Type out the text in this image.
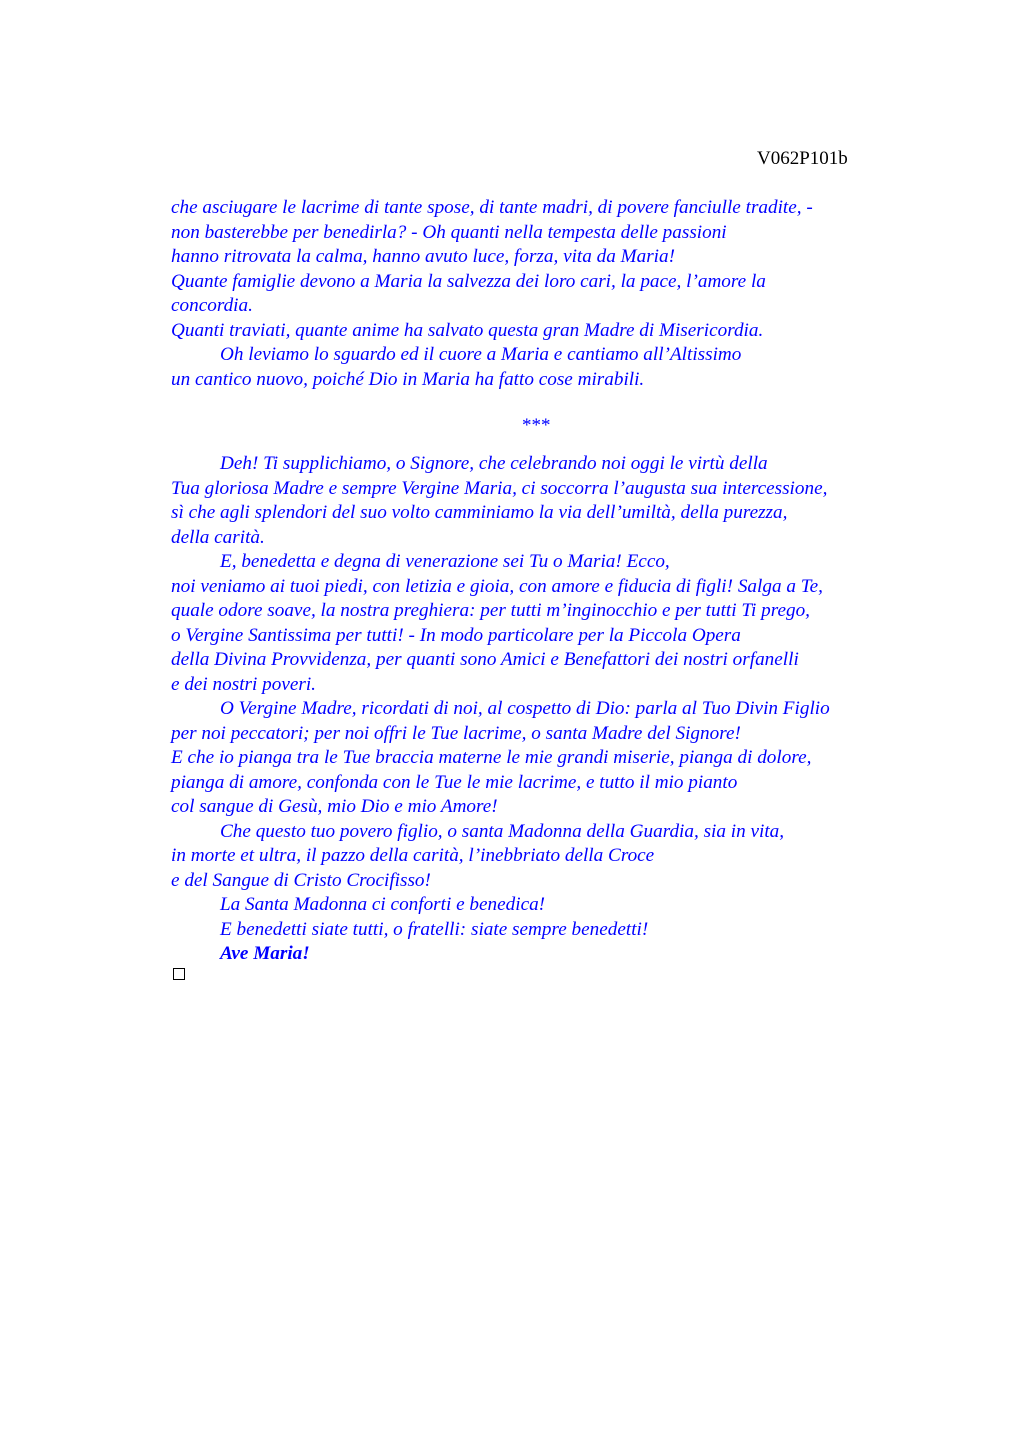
V062P101b
che asciugare le lacrime di tante spose, di tante madri, di povere fanciulle tradite, -
non basterebbe per benedirla? - Oh quanti nella tempesta delle passioni
hanno ritrovata la calma, hanno avuto luce, forza, vita da Maria!
Quante famiglie devono a Maria la salvezza dei loro cari, la pace, l’amore la
concordia.
Quanti traviati, quante anime ha salvato questa gran Madre di Misericordia.
Oh leviamo lo sguardo ed il cuore a Maria e cantiamo all’Altissimo
un cantico nuovo, poiché Dio in Maria ha fatto cose mirabili.
***
Deh! Ti supplichiamo, o Signore, che celebrando noi oggi le virtù della
Tua gloriosa Madre e sempre Vergine Maria, ci soccorra l’augusta sua intercessione,
sì che agli splendori del suo volto camminiamo la via dell’umiltà, della purezza,
della carità.
E, benedetta e degna di venerazione sei Tu o Maria! Ecco,
noi veniamo ai tuoi piedi, con letizia e gioia, con amore e fiducia di figli! Salga a Te,
quale odore soave, la nostra preghiera: per tutti m’inginocchio e per tutti Ti prego,
o Vergine Santissima per tutti! - In modo particolare per la Piccola Opera
della Divina Provvidenza, per quanti sono Amici e Benefattori dei nostri orfanelli
e dei nostri poveri.
O Vergine Madre, ricordati di noi, al cospetto di Dio: parla al Tuo Divin Figlio
per noi peccatori; per noi offri le Tue lacrime, o santa Madre del Signore!
E che io pianga tra le Tue braccia materne le mie grandi miserie, pianga di dolore,
pianga di amore, confonda con le Tue le mie lacrime, e tutto il mio pianto
col sangue di Gesù, mio Dio e mio Amore!
Che questo tuo povero figlio, o santa Madonna della Guardia, sia in vita,
in morte et ultra, il pazzo della carità, l’inebbriato della Croce
e del Sangue di Cristo Crocifisso!
La Santa Madonna ci conforti e benedica!
E benedetti siate tutti, o fratelli: siate sempre benedetti!
Ave Maria!
